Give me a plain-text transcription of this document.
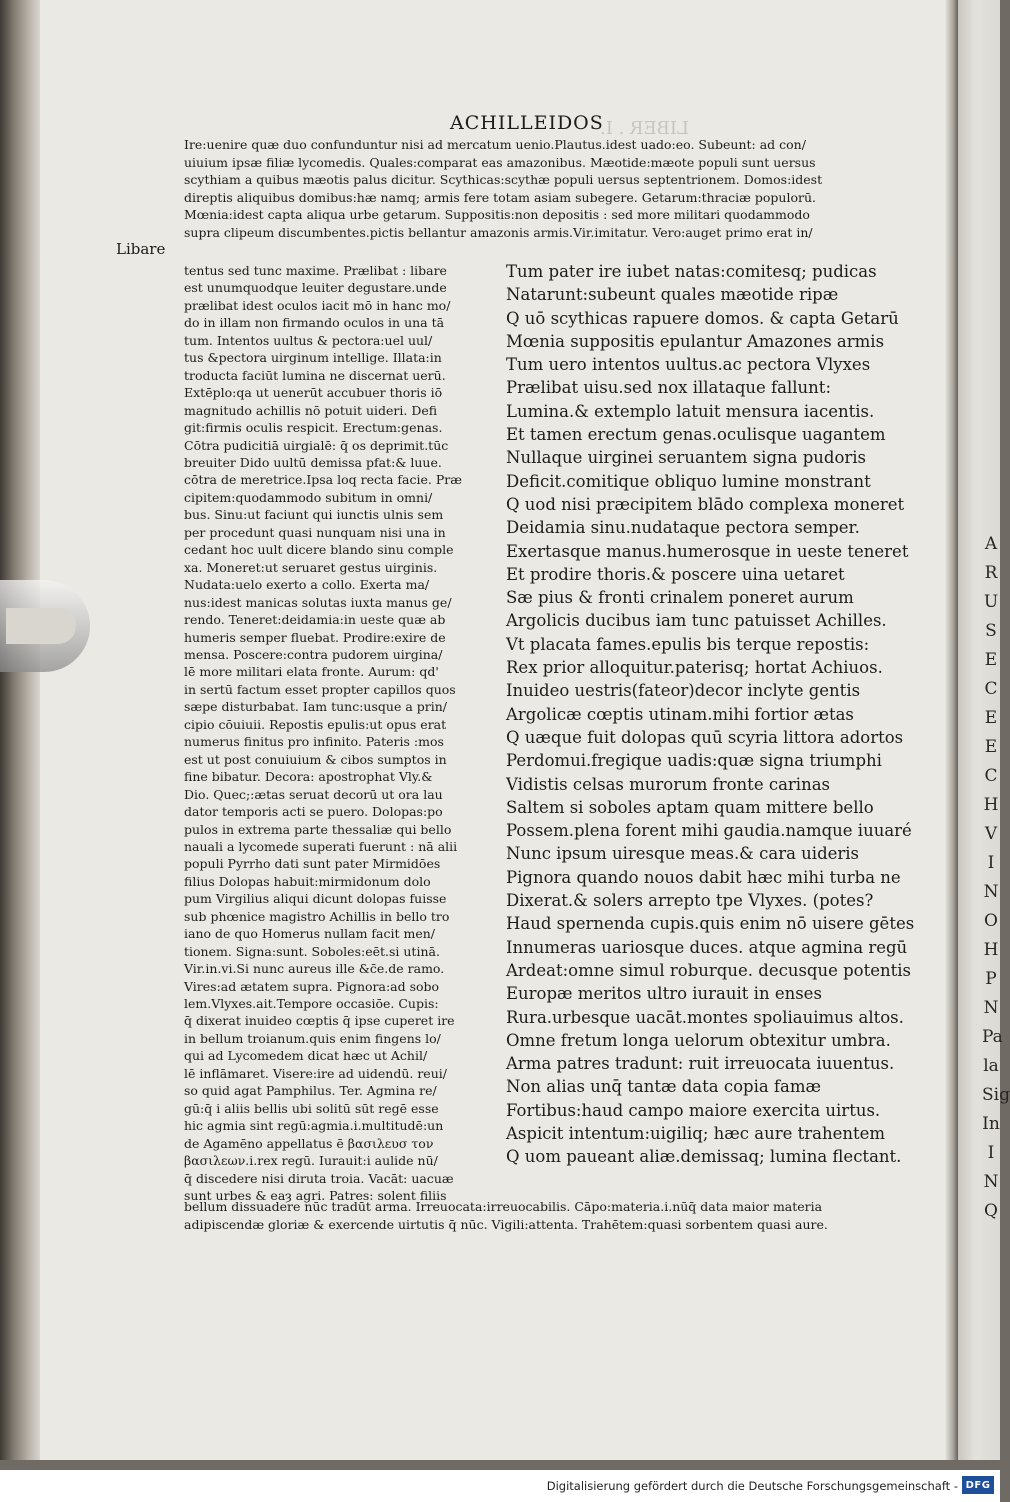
LIBER . I.
ACHILLEIDOS
Ire:uenire quæ duo confunduntur nisi ad mercatum uenio.Plautus.idest uado:eo. Subeunt: ad con/
uiuium ipsæ filiæ lycomedis. Quales:comparat eas amazonibus. Mæotide:mæote populi sunt uersus
scythiam a quibus mæotis palus dicitur. Scythicas:scythæ populi uersus septentrionem. Domos:idest
direptis aliquibus domibus:hæ namq; armis fere totam asiam subegere. Getarum:thraciæ populorū.
Mœnia:idest capta aliqua urbe getarum. Suppositis:non depositis : sed more militari quodammodo
supra clipeum discumbentes.pictis bellantur amazonis armis.Vir.imitatur. Vero:auget primo erat in/
Libare
tentus sed tunc maxime. Prælibat : libare
est unumquodque leuiter degustare.unde
prælibat idest oculos iacit mō in hanc mo/
do in illam non firmando oculos in una tā
tum. Intentos uultus & pectora:uel uul/
tus &pectora uirginum intellige. Illata:in
troducta faciūt lumina ne discernat uerū.
Extēplo:qa ut uenerūt accubuer thoris iō
magnitudo achillis nō potuit uideri. Defi
git:firmis oculis respicit. Erectum:genas.
Cōtra pudicitiā uirgialē: q̄ os deprimit.tūc
breuiter Dido uultū demissa pfat:& luue.
cōtra de meretrice.Ipsa loq recta facie. Præ
cipitem:quodammodo subitum in omni/
bus. Sinu:ut faciunt qui iunctis ulnis sem
per procedunt quasi nunquam nisi una in
cedant hoc uult dicere blando sinu comple
xa. Moneret:ut seruaret gestus uirginis.
Nudata:uelo exerto a collo. Exerta ma/
nus:idest manicas solutas iuxta manus ge/
rendo. Teneret:deidamia:in ueste quæ ab
humeris semper fluebat. Prodire:exire de
mensa. Poscere:contra pudorem uirgina/
lē more militari elata fronte. Aurum: qd'
in sertū factum esset propter capillos quos
sæpe disturbabat. Iam tunc:usque a prin/
cipio cōuiuii. Repostis epulis:ut opus erat
numerus finitus pro infinito. Pateris :mos
est ut post conuiuium & cibos sumptos in
fine bibatur. Decora: apostrophat Vly.&
Dio. Quec;:ætas seruat decorū ut ora lau
dator temporis acti se puero. Dolopas:po
pulos in extrema parte thessaliæ qui bello
nauali a lycomede superati fuerunt : nā alii
populi Pyrrho dati sunt pater Mirmidōes
filius Dolopas habuit:mirmidonum dolo
pum Virgilius aliqui dicunt dolopas fuisse
sub phœnice magistro Achillis in bello tro
iano de quo Homerus nullam facit men/
tionem. Signa:sunt. Soboles:eēt.si utinā.
Vir.in.vi.Si nunc aureus ille &c̄e.de ramo.
Vires:ad ætatem supra. Pignora:ad sobo
lem.Vlyxes.ait.Tempore occasiōe. Cupis:
q̄ dixerat inuideo cœptis q̄ ipse cuperet ire
in bellum troianum.quis enim fingens lo/
qui ad Lycomedem dicat hæc ut Achil/
lē inflāmaret. Visere:ire ad uidendū. reui/
so quid agat Pamphilus. Ter. Agmina re/
gū:q̄ i aliis bellis ubi solitū sūt regē esse
hic agmia sint regū:agmia.i.multitudē:un
de Agamēno appellatus ē βασιλευσ τον
βασιλεων.i.rex regū. Iurauit:i aulide nū/
q̄ discedere nisi diruta troia. Vacāt: uacuæ
sunt urbes & eaȝ agri. Patres: solent filiis
Tum pater ire iubet natas:comitesq; pudicas
Natarunt:subeunt quales mæotide ripæ
Q uō scythicas rapuere domos. & capta Getarū
Mœnia suppositis epulantur Amazones armis
Tum uero intentos uultus.ac pectora Vlyxes
Prælibat uisu.sed nox illataque fallunt:
Lumina.& extemplo latuit mensura iacentis.
Et tamen erectum genas.oculisque uagantem
Nullaque uirginei seruantem signa pudoris
Deficit.comitique obliquo lumine monstrant
Q uod nisi præcipitem blādo complexa moneret
Deidamia sinu.nudataque pectora semper.
Exertasque manus.humerosque in ueste teneret
Et prodire thoris.& poscere uina uetaret
Sæ pius & fronti crinalem poneret aurum
Argolicis ducibus iam tunc patuisset Achilles.
Vt placata fames.epulis bis terque repostis:
Rex prior alloquitur.paterisq; hortat Achiuos.
Inuideo uestris(fateor)decor inclyte gentis
Argolicæ cœptis utinam.mihi fortior ætas
Q uæque fuit dolopas quū scyria littora adortos
Perdomui.fregique uadis:quæ signa triumphi
Vidistis celsas murorum fronte carinas
Saltem si soboles aptam quam mittere bello
Possem.plena forent mihi gaudia.namque iuuaré
Nunc ipsum uiresque meas.& cara uideris
Pignora quando nouos dabit hæc mihi turba ne
Dixerat.& solers arrepto tpe Vlyxes. (potes?
Haud spernenda cupis.quis enim nō uisere gētes
Innumeras uariosque duces. atque agmina regū
Ardeat:omne simul roburque. decusque potentis
Europæ meritos ultro iurauit in enses
Rura.urbesque uacāt.montes spoliauimus altos.
Omne fretum longa uelorum obtexitur umbra.
Arma patres tradunt: ruit irreuocata iuuentus.
Non alias unq̄ tantæ data copia famæ
Fortibus:haud campo maiore exercita uirtus.
Aspicit intentum:uigiliq; hæc aure trahentem
Q uom paueant aliæ.demissaq; lumina flectant.
bellum dissuadere nūc tradūt arma. Irreuocata:irreuocabilis. Cāpo:materia.i.nūq̄ data maior materia
adipiscendæ gloriæ & exercende uirtutis q̄ nūc. Vigili:attenta. Trahētem:quasi sorbentem quasi aure.
A
R
U
S
E
C
E
E
C
H
V
I
N
O
H
P
N
Pa
la
Sig
In
I
N
Q
Digitalisierung gefördert durch die Deutsche Forschungsgemeinschaft - DFG
